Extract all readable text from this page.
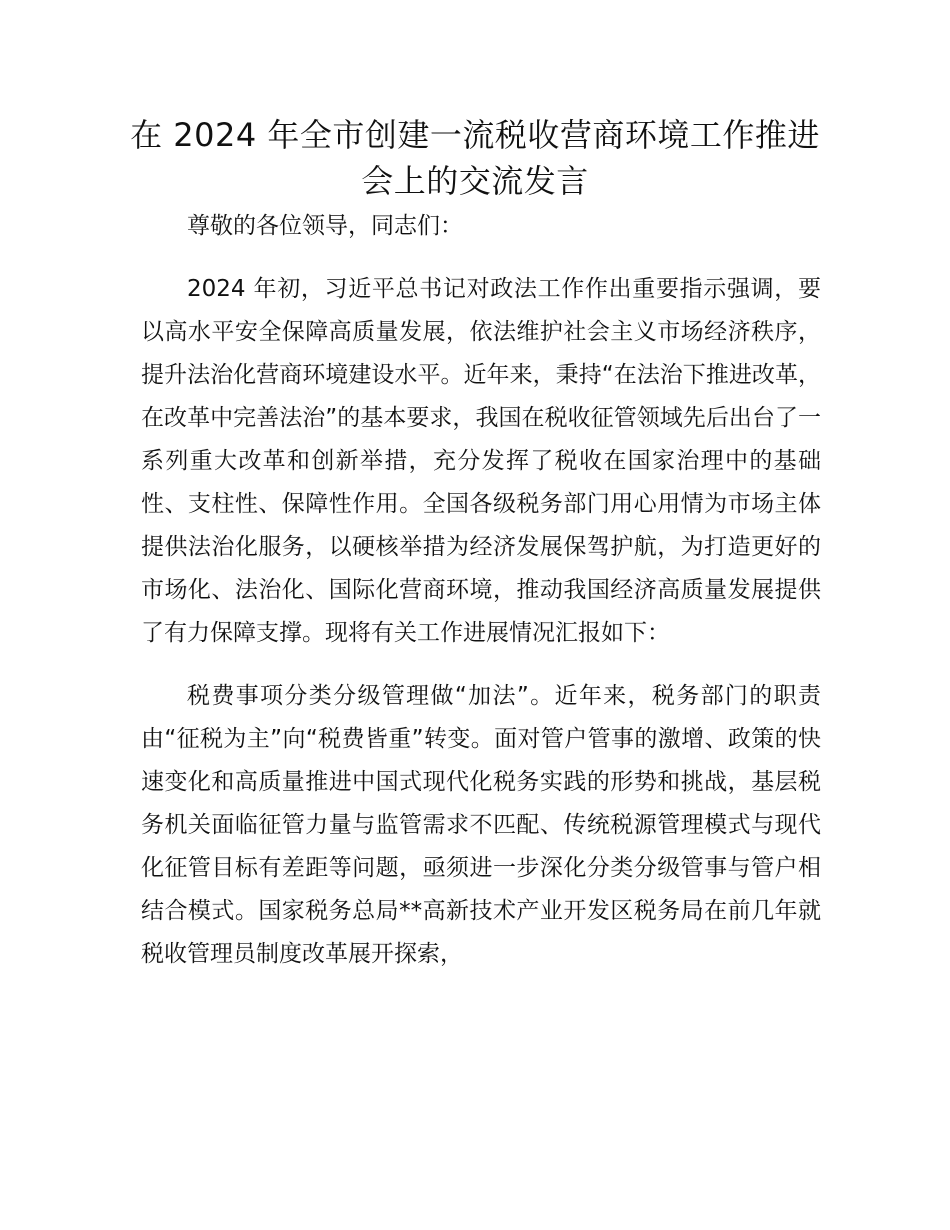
在 2024 年全市创建一流税收营商环境工作推进会上的交流发言

尊敬的各位领导，同志们：

2024 年初，习近平总书记对政法工作作出重要指示强调，要以高水平安全保障高质量发展，依法维护社会主义市场经济秩序，提升法治化营商环境建设水平。近年来，秉持“在法治下推进改革，在改革中完善法治”的基本要求，我国在税收征管领域先后出台了一系列重大改革和创新举措，充分发挥了税收在国家治理中的基础性、支柱性、保障性作用。全国各级税务部门用心用情为市场主体提供法治化服务，以硬核举措为经济发展保驾护航，为打造更好的市场化、法治化、国际化营商环境，推动我国经济高质量发展提供了有力保障支撑。现将有关工作进展情况汇报如下：

税费事项分类分级管理做“加法”。近年来，税务部门的职责由“征税为主”向“税费皆重”转变。面对管户管事的激增、政策的快速变化和高质量推进中国式现代化税务实践的形势和挑战，基层税务机关面临征管力量与监管需求不匹配、传统税源管理模式与现代化征管目标有差距等问题，亟须进一步深化分类分级管事与管户相结合模式。国家税务总局**高新技术产业开发区税务局在前几年就税收管理员制度改革展开探索，
